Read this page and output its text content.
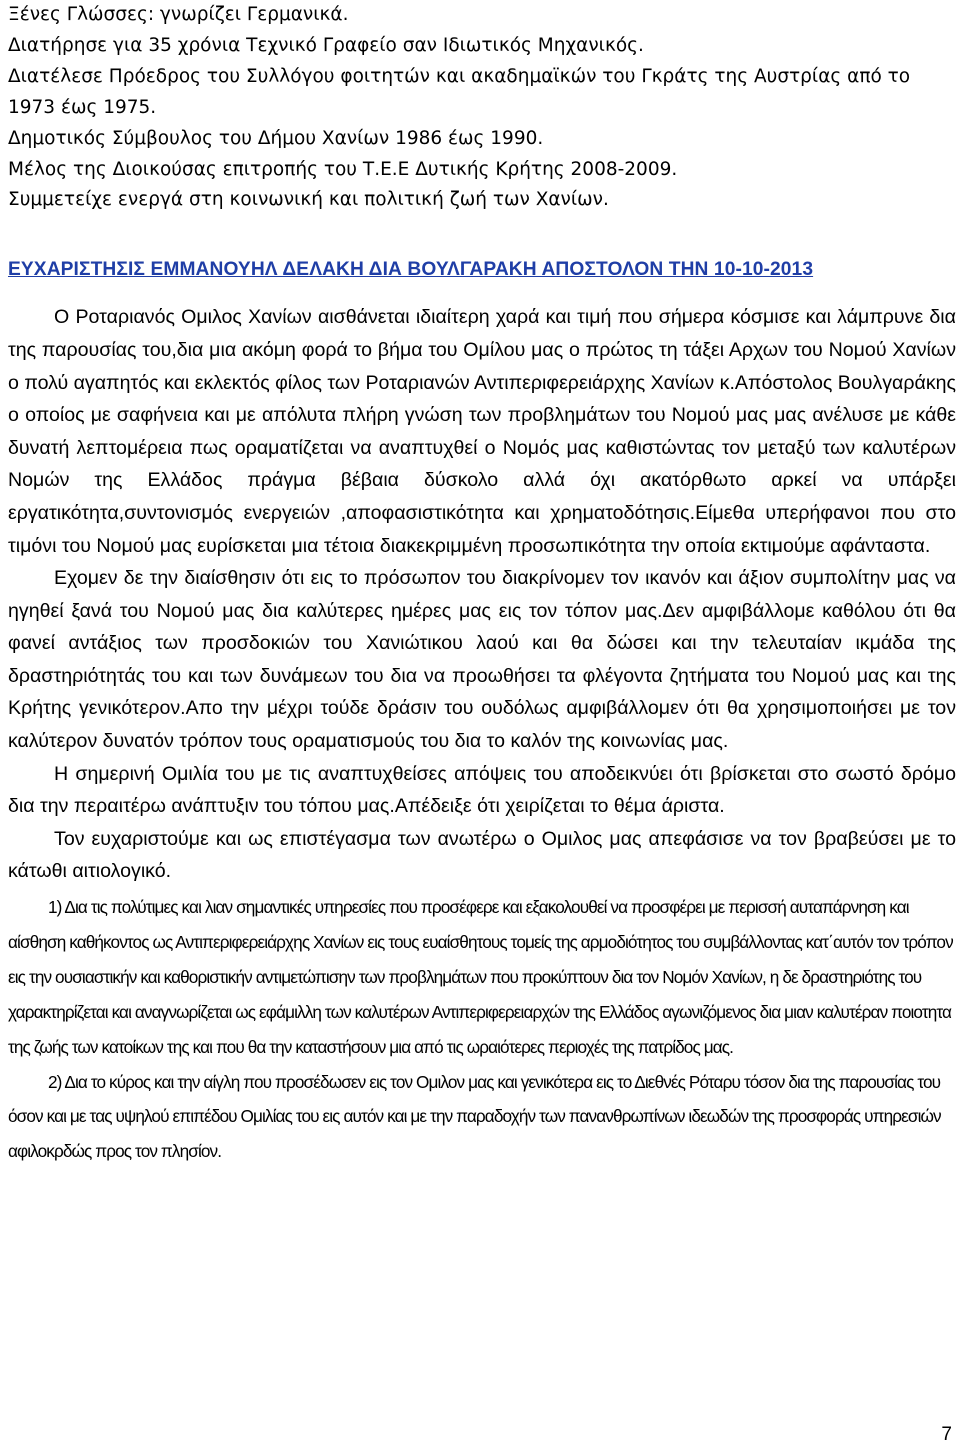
Ξένες Γλώσσες: γνωρίζει Γερμανικά.
Διατήρησε για 35 χρόνια Τεχνικό Γραφείο σαν Ιδιωτικός Μηχανικός.
Διατέλεσε Πρόεδρος του Συλλόγου φοιτητών και ακαδημαϊκών του Γκράτς της Αυστρίας από το
1973 έως 1975.
Δημοτικός Σύμβουλος του Δήμου Χανίων 1986 έως 1990.
Μέλος της Διοικούσας επιτροπής του Τ.Ε.Ε Δυτικής Κρήτης 2008-2009.
Συμμετείχε ενεργά στη κοινωνική και πολιτική ζωή των Χανίων.
ΕΥΧΑΡΙΣΤΗΣΙΣ ΕΜΜΑΝΟΥΗΛ ΔΕΛΑΚΗ ΔΙΑ ΒΟΥΛΓΑΡΑΚΗ ΑΠΟΣΤΟΛΟΝ ΤΗΝ 10-10-2013

Ο Ροταριανός Ομιλος Χανίων αισθάνεται ιδιαίτερη χαρά και τιμή που σήμερα κόσμισε και λάμπρυνε δια της παρουσίας του,δια μια ακόμη φορά το βήμα του Ομίλου μας ο πρώτος τη τάξει Αρχων του Νομού Χανίων ο πολύ αγαπητός και εκλεκτός φίλος των Ροταριανών Αντιπεριφερειάρχης Χανίων κ.Απόστολος Βουλγαράκης ο οποίος με σαφήνεια και με απόλυτα πλήρη γνώση των προβλημάτων του Νομού μας μας ανέλυσε με κάθε δυνατή λεπτομέρεια πως οραματίζεται να αναπτυχθεί ο Νομός μας καθιστώντας τον μεταξύ των καλυτέρων Νομών της Ελλάδος πράγμα βέβαια δύσκολο αλλά όχι ακατόρθωτο αρκεί να υπάρξει εργατικότητα,συντονισμός ενεργειών ,αποφασιστικότητα και χρηματοδότησις.Είμεθα υπερήφανοι που στο τιμόνι του Νομού μας ευρίσκεται μια τέτοια διακεκριμμένη προσωπικότητα την οποία εκτιμούμε αφάνταστα.

Εχομεν δε την διαίσθησιν ότι εις το πρόσωπον του διακρίνομεν τον ικανόν και άξιον συμπολίτην μας να ηγηθεί ξανά του Νομού μας δια καλύτερες ημέρες μας εις τον τόπον μας.Δεν αμφιβάλλομε καθόλου ότι θα φανεί αντάξιος των προσδοκιών του Χανιώτικου λαού και θα δώσει και την τελευταίαν ικμάδα της δραστηριότητάς του και των δυνάμεων του δια να προωθήσει τα φλέγοντα ζητήματα του Νομού μας και της Κρήτης γενικότερον.Απο την μέχρι τούδε δράσιν του ουδόλως αμφιβάλλομεν ότι θα χρησιμοποιήσει με τον καλύτερον δυνατόν τρόπον τους οραματισμούς του δια το καλόν της κοινωνίας μας.

Η σημερινή Ομιλία του με τις αναπτυχθείσες απόψεις του αποδεικνύει ότι βρίσκεται στο σωστό δρόμο δια την περαιτέρω ανάπτυξιν του τόπου μας.Απέδειξε ότι χειρίζεται το θέμα άριστα.

Τον ευχαριστούμε και ως επιστέγασμα των ανωτέρω ο Ομιλος μας απεφάσισε να τον βραβεύσει με το κάτωθι αιτιολογικό.

1) Δια τις πολύτιμες και λιαν σημαντικές υπηρεσίες που προσέφερε και εξακολουθεί να προσφέρει με περισσή αυταπάρνηση και αίσθηση καθήκοντος ως Αντιπεριφερειάρχης Χανίων εις τους ευαίσθητους τομείς της αρμοδιότητος του συμβάλλοντας κατ΄αυτόν τον τρόπον εις την ουσιαστικήν και καθοριστικήν αντιμετώπισην των προβλημάτων που προκύπτουν δια τον Νομόν Χανίων, η δε δραστηριότης του χαρακτηρίζεται και αναγνωρίζεται ως εφάμιλλη των καλυτέρων Αντιπεριφερειαρχών της Ελλάδος αγωνιζόμενος δια μιαν καλυτέραν ποιοτητα της ζωής των κατοίκων της και που θα την καταστήσουν μια από τις ωραιότερες περιοχές της πατρίδος μας.

2) Δια το κύρος και την αίγλη που προσέδωσεν εις τον Ομιλον μας και γενικότερα εις το Διεθνές Ρόταρυ τόσον δια της παρουσίας του όσον και με τας υψηλού επιπέδου Ομιλίας του εις αυτόν και με την παραδοχήν των πανανθρωπίνων ιδεωδών της προσφοράς υπηρεσιών αφιλοκρδώς προς τον πλησίον.

7
